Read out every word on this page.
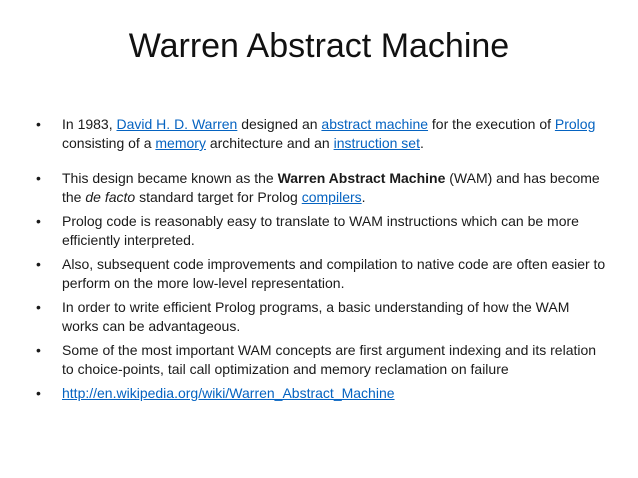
Warren Abstract Machine
• In 1983, David H. D. Warren designed an abstract machine for the execution of Prolog consisting of a memory architecture and an instruction set.
• This design became known as the Warren Abstract Machine (WAM) and has become the de facto standard target for Prolog compilers.
• Prolog code is reasonably easy to translate to WAM instructions which can be more efficiently interpreted.
• Also, subsequent code improvements and compilation to native code are often easier to perform on the more low-level representation.
• In order to write efficient Prolog programs, a basic understanding of how the WAM works can be advantageous.
• Some of the most important WAM concepts are first argument indexing and its relation to choice-points, tail call optimization and memory reclamation on failure
• http://en.wikipedia.org/wiki/Warren_Abstract_Machine
